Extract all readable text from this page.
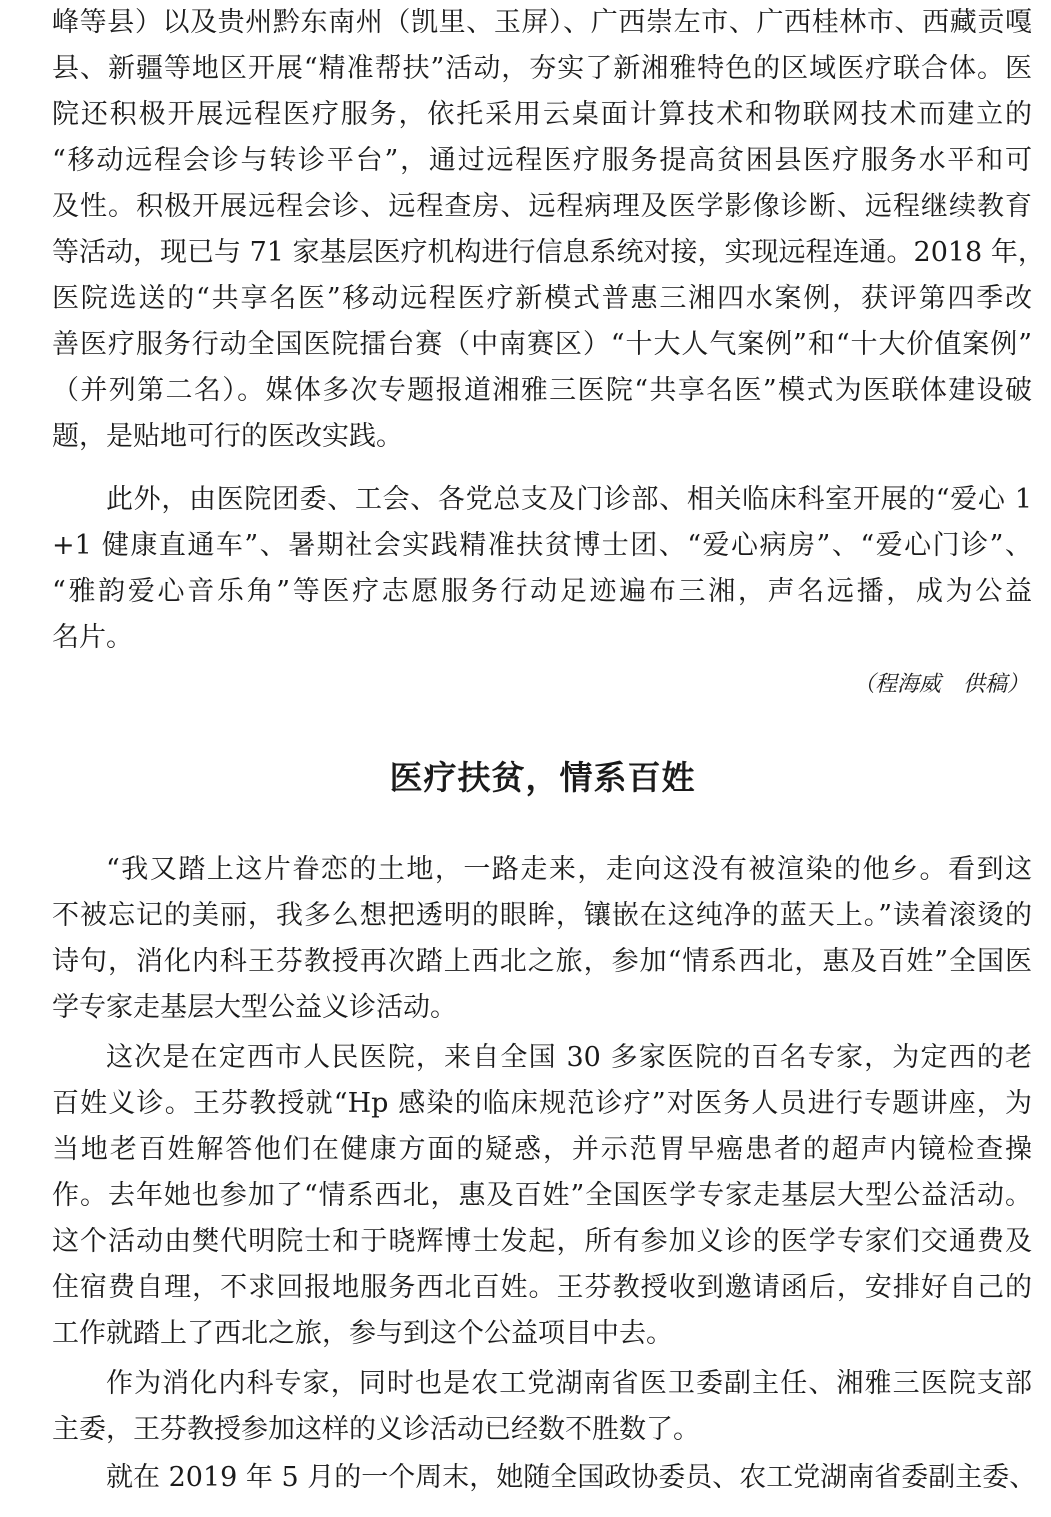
峰等县）以及贵州黔东南州（凯里、玉屏）、广西崇左市、广西桂林市、西藏贡嘎
县、新疆等地区开展“精准帮扶”活动，夯实了新湘雅特色的区域医疗联合体。医
院还积极开展远程医疗服务，依托采用云桌面计算技术和物联网技术而建立的
“移动远程会诊与转诊平台”，通过远程医疗服务提高贫困县医疗服务水平和可
及性。积极开展远程会诊、远程查房、远程病理及医学影像诊断、远程继续教育
等活动，现已与 71 家基层医疗机构进行信息系统对接，实现远程连通。2018 年，
医院选送的“共享名医”移动远程医疗新模式普惠三湘四水案例，获评第四季改
善医疗服务行动全国医院擂台赛（中南赛区）“十大人气案例”和“十大价值案例”
（并列第二名）。媒体多次专题报道湘雅三医院“共享名医”模式为医联体建设破
题，是贴地可行的医改实践。
此外，由医院团委、工会、各党总支及门诊部、相关临床科室开展的“爱心 1
+1 健康直通车”、暑期社会实践精准扶贫博士团、“爱心病房”、“爱心门诊”、
“雅韵爱心音乐角”等医疗志愿服务行动足迹遍布三湘，声名远播，成为公益
名片。
（程海威　供稿）
医疗扶贫，情系百姓
“我又踏上这片眷恋的土地，一路走来，走向这没有被渲染的他乡。看到这
不被忘记的美丽，我多么想把透明的眼眸，镶嵌在这纯净的蓝天上。”读着滚烫的
诗句，消化内科王芬教授再次踏上西北之旅，参加“情系西北，惠及百姓”全国医
学专家走基层大型公益义诊活动。
这次是在定西市人民医院，来自全国 30 多家医院的百名专家，为定西的老
百姓义诊。王芬教授就“Hp 感染的临床规范诊疗”对医务人员进行专题讲座，为
当地老百姓解答他们在健康方面的疑惑，并示范胃早癌患者的超声内镜检查操
作。去年她也参加了“情系西北，惠及百姓”全国医学专家走基层大型公益活动。
这个活动由樊代明院士和于晓辉博士发起，所有参加义诊的医学专家们交通费及
住宿费自理，不求回报地服务西北百姓。王芬教授收到邀请函后，安排好自己的
工作就踏上了西北之旅，参与到这个公益项目中去。
作为消化内科专家，同时也是农工党湖南省医卫委副主任、湘雅三医院支部
主委，王芬教授参加这样的义诊活动已经数不胜数了。
就在 2019 年 5 月的一个周末，她随全国政协委员、农工党湖南省委副主委、
